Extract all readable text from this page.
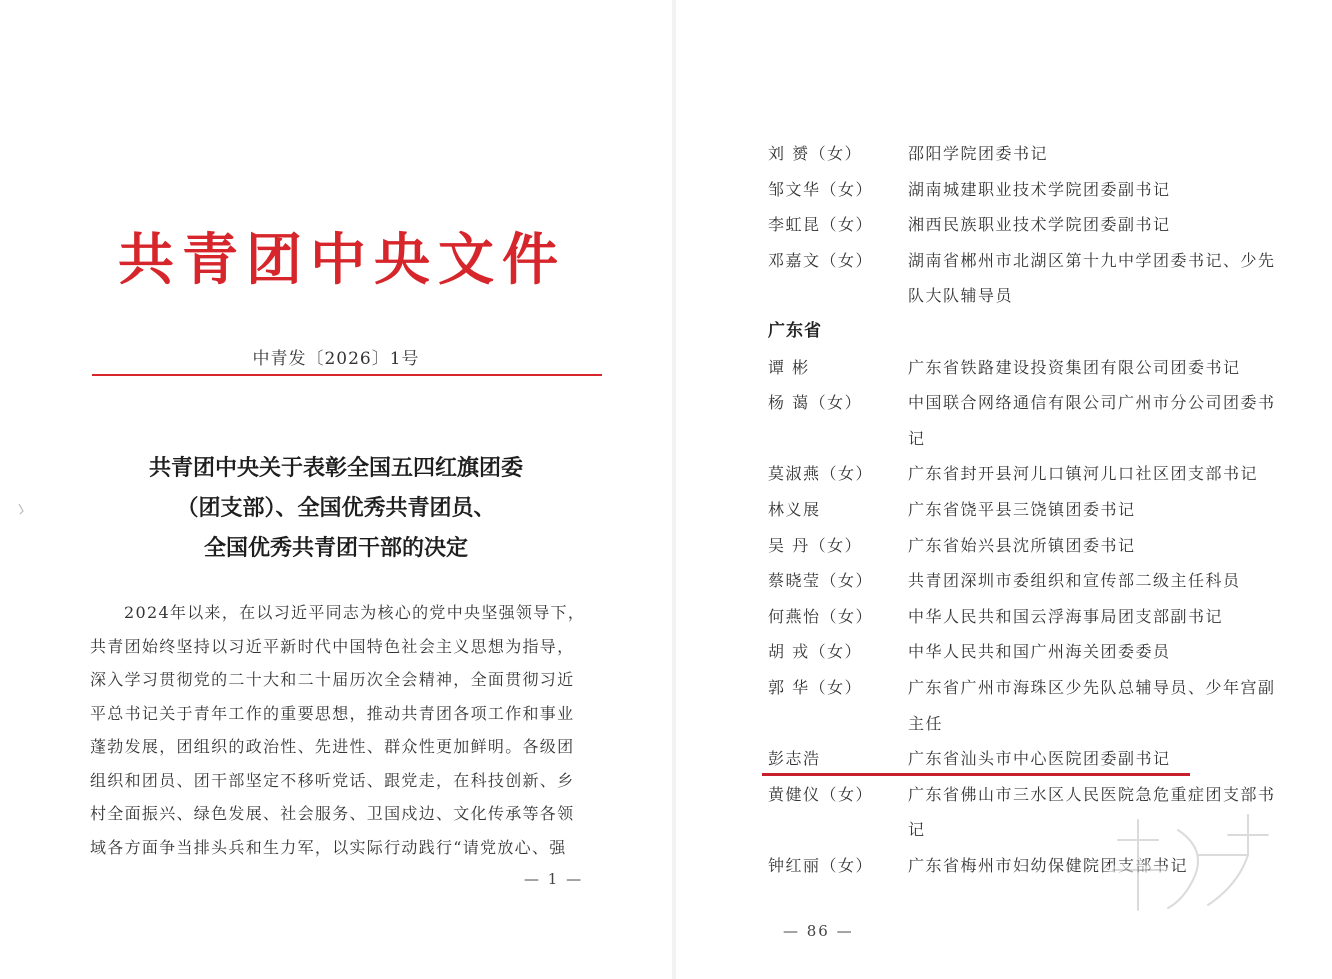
共青团中央文件
中青发〔2026〕1号
共青团中央关于表彰全国五四红旗团委
（团支部）、全国优秀共青团员、
全国优秀共青团干部的决定
2024年以来，在以习近平同志为核心的党中央坚强领导下，
共青团始终坚持以习近平新时代中国特色社会主义思想为指导，
深入学习贯彻党的二十大和二十届历次全会精神，全面贯彻习近
平总书记关于青年工作的重要思想，推动共青团各项工作和事业
蓬勃发展，团组织的政治性、先进性、群众性更加鲜明。各级团
组织和团员、团干部坚定不移听党话、跟党走，在科技创新、乡
村全面振兴、绿色发展、社会服务、卫国戍边、文化传承等各领
域各方面争当排头兵和生力军，以实际行动践行“请党放心、强
— 1 —
刘 赟（女）	邵阳学院团委书记
邹文华（女） 湖南城建职业技术学院团委副书记
李虹昆（女） 湘西民族职业技术学院团委副书记
邓嘉文（女） 湖南省郴州市北湖区第十九中学团委书记、少先队大队辅导员
广东省
谭 彬	广东省铁路建设投资集团有限公司团委书记
杨 蔼（女）	中国联合网络通信有限公司广州市分公司团委书记
莫淑燕（女） 广东省封开县河儿口镇河儿口社区团支部书记
林义展	广东省饶平县三饶镇团委书记
吴 丹（女）	广东省始兴县沈所镇团委书记
蔡晓莹（女） 共青团深圳市委组织和宣传部二级主任科员
何燕怡（女） 中华人民共和国云浮海事局团支部副书记
胡 戎（女）	中华人民共和国广州海关团委委员
郭 华（女）	广东省广州市海珠区少先队总辅导员、少年宫副主任
彭志浩	广东省汕头市中心医院团委副书记
黄健仪（女） 广东省佛山市三水区人民医院急危重症团支部书记
钟红丽（女） 广东省梅州市妇幼保健院团支部书记
— 86 —
